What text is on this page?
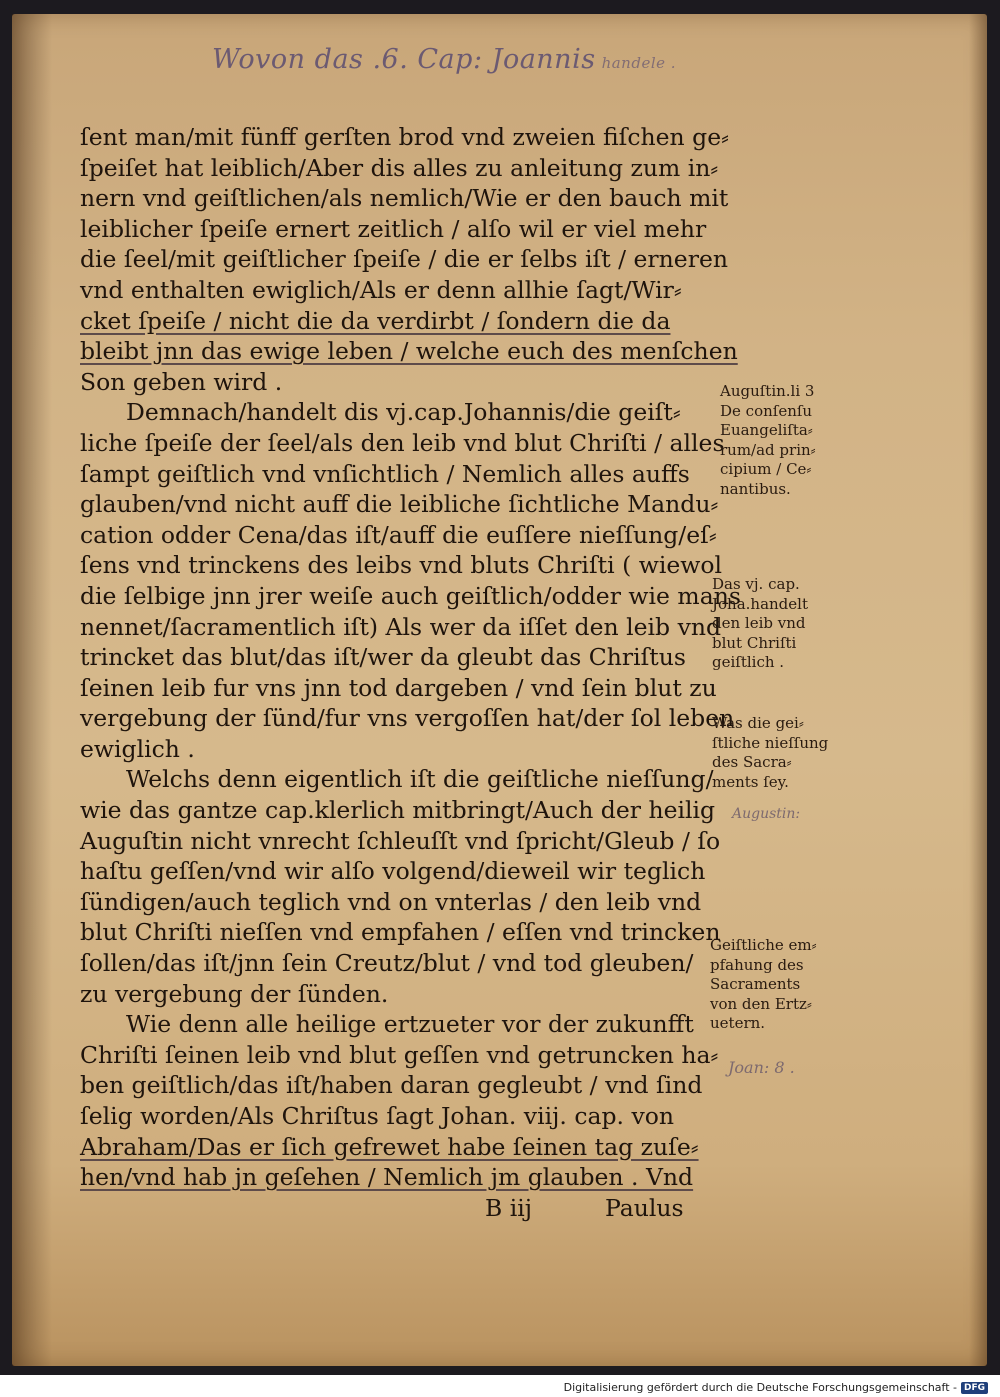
Wovon das .6. Cap: Joannis handele .
ſent man/mit fünff gerſten brod vnd zweien fiſchen ge⸗
ſpeiſet hat leiblich/Aber dis alles zu anleitung zum in⸗
nern vnd geiſtlichen/als nemlich/Wie er den bauch mit
leiblicher ſpeiſe ernert zeitlich / alſo wil er viel mehr
die ſeel/mit geiſtlicher ſpeiſe / die er ſelbs iſt / erneren
vnd enthalten ewiglich/Als er denn allhie ſagt/Wir⸗
cket ſpeiſe / nicht die da verdirbt / ſondern die da
bleibt jnn das ewige leben / welche euch des menſchen
Son geben wird .
Demnach/handelt dis vj.cap.Johannis/die geiſt⸗
liche ſpeiſe der ſeel/als den leib vnd blut Chriſti / alles
ſampt geiſtlich vnd vnſichtlich / Nemlich alles auffs
glauben/vnd nicht auff die leibliche ſichtliche Mandu⸗
cation odder Cena/das iſt/auff die euſſere nieſſung/eſ⸗
ſens vnd trinckens des leibs vnd bluts Chriſti ( wiewol
die ſelbige jnn jrer weiſe auch geiſtlich/odder wie mans
nennet/ſacramentlich iſt) Als wer da iſſet den leib vnd
trincket das blut/das iſt/wer da gleubt das Chriſtus
ſeinen leib fur vns jnn tod dargeben / vnd ſein blut zu
vergebung der ſünd/fur vns vergoſſen hat/der ſol leben
ewiglich .
Welchs denn eigentlich iſt die geiſtliche nieſſung/
wie das gantze cap.klerlich mitbringt/Auch der heilig
Auguſtin nicht vnrecht ſchleuſſt vnd ſpricht/Gleub / ſo
haſtu geſſen/vnd wir alſo volgend/dieweil wir teglich
ſündigen/auch teglich vnd on vnterlas / den leib vnd
blut Chriſti nieſſen vnd empfahen / eſſen vnd trincken
ſollen/das iſt/jnn ſein Creutz/blut / vnd tod gleuben/
zu vergebung der ſünden.
Wie denn alle heilige ertzueter vor der zukunfft
Chriſti ſeinen leib vnd blut geſſen vnd getruncken ha⸗
ben geiſtlich/das iſt/haben daran gegleubt / vnd ſind
ſelig worden/Als Chriſtus ſagt Johan. viij. cap. von
Abraham/Das er ſich gefrewet habe ſeinen tag zuſe⸗
hen/vnd hab jn geſehen / Nemlich jm glauben . Vnd
B iij	Paulus
Auguſtin.li 3
De conſenſu
Euangeliſta⸗
rum/ad prin⸗
cipium / Ce⸗
nantibus.
Das vj. cap.
Joha.handelt
den leib vnd
blut Chriſti
geiſtlich .
Was die gei⸗
ſtliche nieſſung
des Sacra⸗
ments ſey.
Augustin:
Geiſtliche em⸗
pfahung des
Sacraments
von den Ertz⸗
uetern.
Joan: 8 .
Digitalisierung gefördert durch die Deutsche Forschungsgemeinschaft - DFG
